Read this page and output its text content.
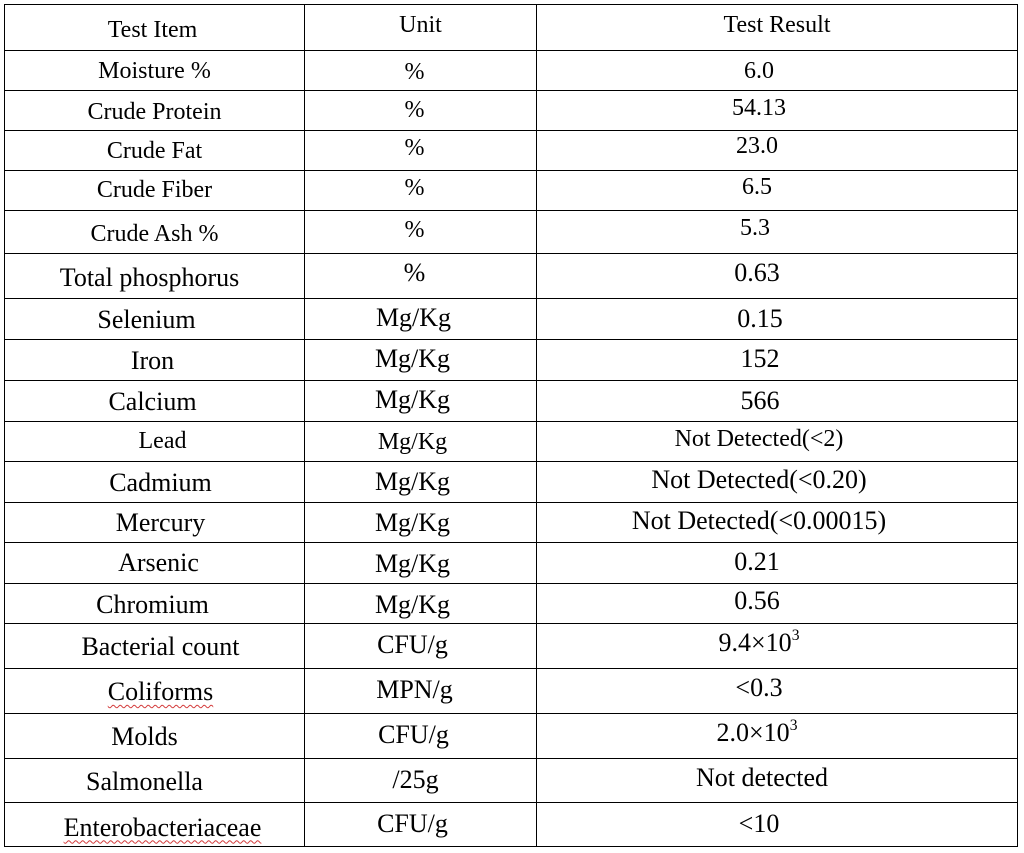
Test Item	Unit	Test Result
Moisture %	%	6.0
Crude Protein	%	54.13
Crude Fat	%	23.0
Crude Fiber	%	6.5
Crude Ash %	%	5.3
Total phosphorus	%	0.63
Selenium	Mg/Kg	0.15
Iron	Mg/Kg	152
Calcium	Mg/Kg	566
Lead	Mg/Kg	Not Detected(<2)
Cadmium	Mg/Kg	Not Detected(<0.20)
Mercury	Mg/Kg	Not Detected(<0.00015)
Arsenic	Mg/Kg	0.21
Chromium	Mg/Kg	0.56
Bacterial count	CFU/g	$9.4\times 10^3$
Coliforms	MPN/g	<0.3
Molds	CFU/g	$2.0\times 10^3$
Salmonella	/25g	Not detected
Enterobacteriaceae	CFU/g	<10
